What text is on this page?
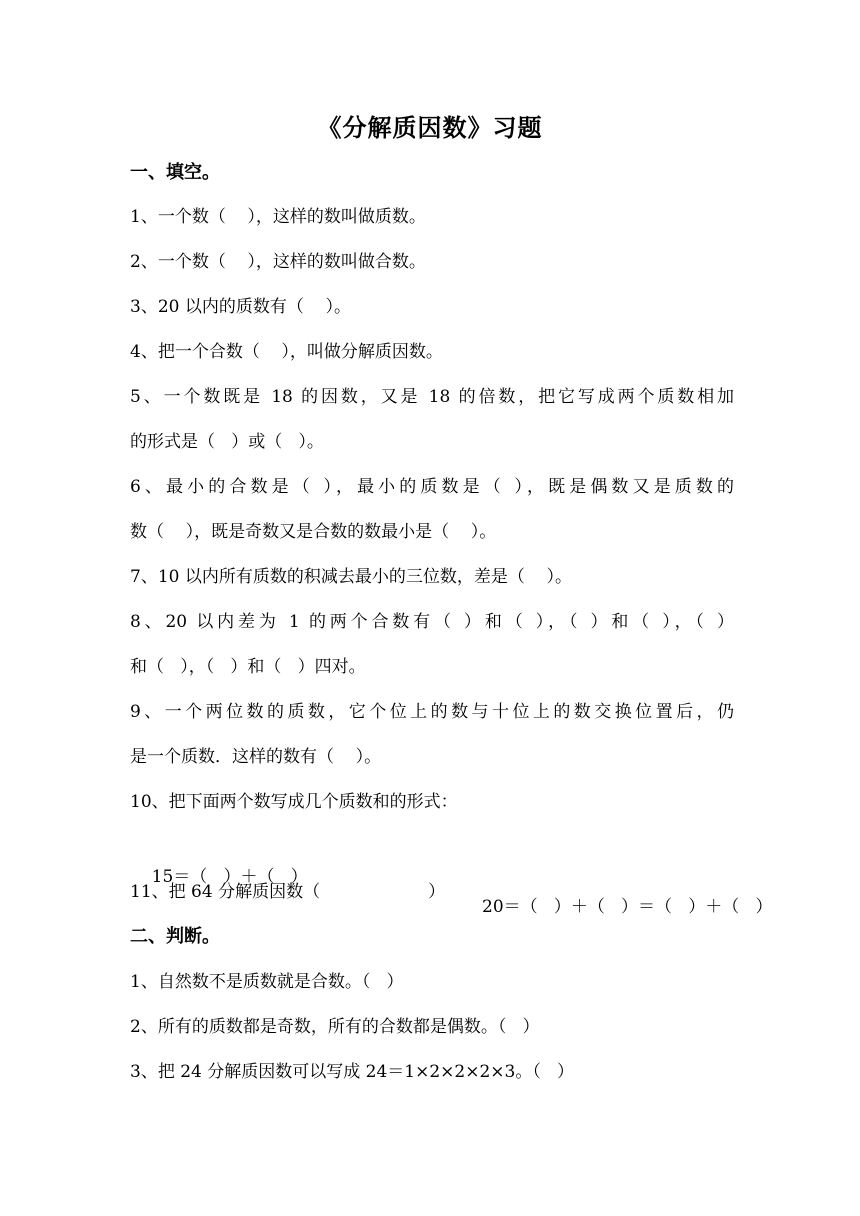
《分解质因数》习题
一、填空。
1、一个数（    ），这样的数叫做质数。
2、一个数（    ），这样的数叫做合数。
3、20 以内的质数有（    ）。
4、把一个合数（    ），叫做分解质因数。
5、一个数既是 18 的因数，又是 18 的倍数，把它写成两个质数相加
的形式是（   ）或（   ）。
6、最小的合数是（ ），最小的质数是（ ），既是偶数又是质数的
数（    ），既是奇数又是合数的数最小是（    ）。
7、10 以内所有质数的积减去最小的三位数，差是（    ）。
8、20 以内差为 1 的两个合数有（ ）和（ ），（ ）和（ ），（ ）
和（   ），（   ）和（   ）四对。
9、一个两位数的质数，它个位上的数与十位上的数交换位置后，仍
是一个质数．这样的数有（    ）。
10、把下面两个数写成几个质数和的形式：

15＝（   ）＋（   ）

20＝（   ）＋（   ）＝（   ）＋（   ）

11、把 64 分解质因数（                    ）
二、判断。
1、自然数不是质数就是合数。（   ）
2、所有的质数都是奇数，所有的合数都是偶数。（   ）
3、把 24 分解质因数可以写成 24＝1×2×2×2×3。（   ）
